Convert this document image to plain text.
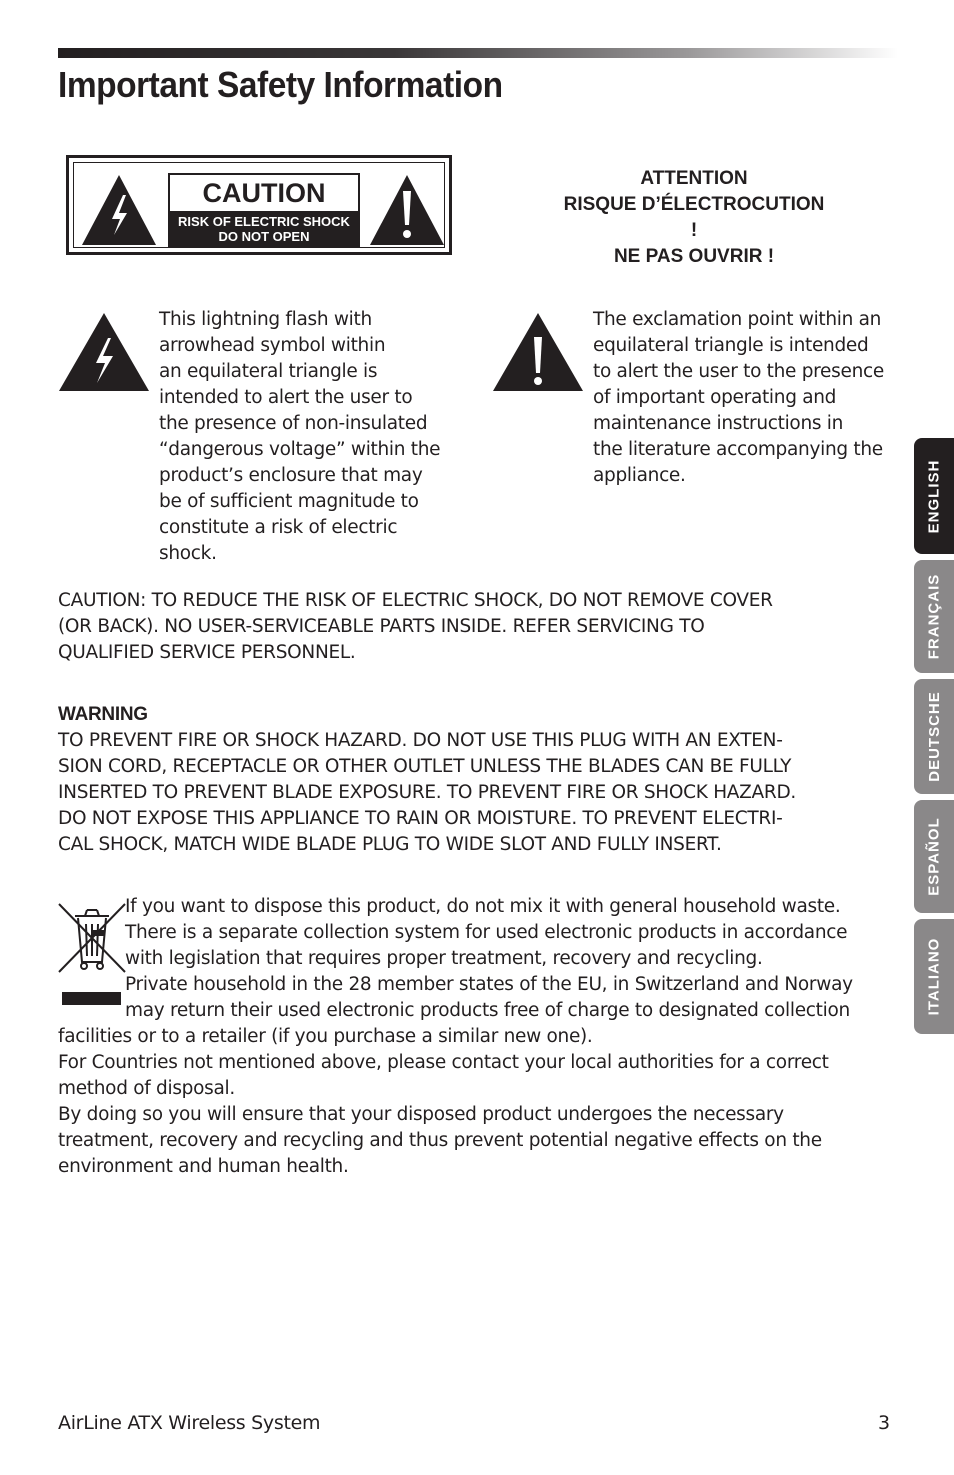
Important Safety Information
CAUTION
RISK OF ELECTRIC SHOCK
DO NOT OPEN
ATTENTION
RISQUE D’ÉLECTROCUTION !
NE PAS OUVRIR !
This lightning flash with
arrowhead symbol within
an equilateral triangle is
intended to alert the user to
the presence of non-insulated
“dangerous voltage” within the
product’s enclosure that may
be of sufficient magnitude to
constitute a risk of electric
shock.
The exclamation point within an
equilateral triangle is intended
to alert the user to the presence
of important operating and
maintenance instructions in
the literature accompanying the
appliance.
CAUTION: TO REDUCE THE RISK OF ELECTRIC SHOCK, DO NOT REMOVE COVER
(OR BACK). NO USER-SERVICEABLE PARTS INSIDE. REFER SERVICING TO
QUALIFIED SERVICE PERSONNEL.
WARNING
TO PREVENT FIRE OR SHOCK HAZARD. DO NOT USE THIS PLUG WITH AN EXTEN-
SION CORD, RECEPTACLE OR OTHER OUTLET UNLESS THE BLADES CAN BE FULLY
INSERTED TO PREVENT BLADE EXPOSURE. TO PREVENT FIRE OR SHOCK HAZARD.
DO NOT EXPOSE THIS APPLIANCE TO RAIN OR MOISTURE. TO PREVENT ELECTRI-
CAL SHOCK, MATCH WIDE BLADE PLUG TO WIDE SLOT AND FULLY INSERT.
If you want to dispose this product, do not mix it with general household waste.
There is a separate collection system for used electronic products in accordance
with legislation that requires proper treatment, recovery and recycling.
Private household in the 28 member states of the EU, in Switzerland and Norway
may return their used electronic products free of charge to designated collection
facilities or to a retailer (if you purchase a similar new one).
For Countries not mentioned above, please contact your local authorities for a correct
method of disposal.
By doing so you will ensure that your disposed product undergoes the necessary
treatment, recovery and recycling and thus prevent potential negative effects on the
environment and human health.
ENGLISH
FRANÇAIS
DEUTSCHE
ESPAÑOL
ITALIANO
AirLine ATX Wireless System	3
